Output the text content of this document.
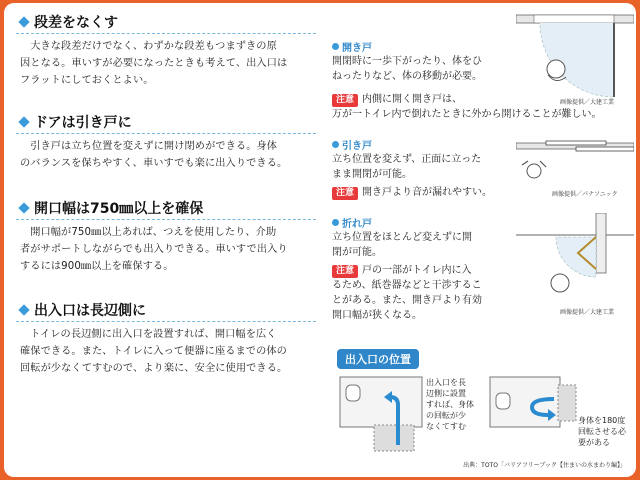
段差をなくす
大きな段差だけでなく、わずかな段差もつまずきの原
因となる。車いすが必要になったときも考えて、出入口は
フラットにしておくとよい。
ドアは引き戸に
引き戸は立ち位置を変えずに開け閉めができる。身体
のバランスを保ちやすく、車いすでも楽に出入りできる。
開口幅は750㎜以上を確保
開口幅が750㎜以上あれば、つえを使用したり、介助
者がサポートしながらでも出入りできる。車いすで出入り
するには900㎜以上を確保する。
出入口は長辺側に
トイレの長辺側に出入口を設置すれば、開口幅を広く
確保できる。また、トイレに入って便器に座るまでの体の
回転が少なくてすむので、より楽に、安全に使用できる。
開き戸
開閉時に一歩下がったり、体をひ
ねったりなど、体の移動が必要。
注意 内側に開く開き戸は、
万が一トイレ内で倒れたときに外から開けることが難しい。
画像提供／大建工業
引き戸
立ち位置を変えず、正面に立った
まま開閉が可能。
注意 開き戸より音が漏れやすい。	画像提供／パナソニック
折れ戸
立ち位置をほとんど変えずに開
閉が可能。
注意 戸の一部がトイレ内に入
るため、紙巻器などと干渉するこ
とがある。また、開き戸より有効
開口幅が狭くなる。	画像提供／大建工業
出入口の位置
出入口を長
辺側に設置
すれば、身体
の回転が少
なくてすむ
身体を180度
回転させる必
要がある
出典：TOTO「バリアフリーブック【住まいの水まわり編】」
